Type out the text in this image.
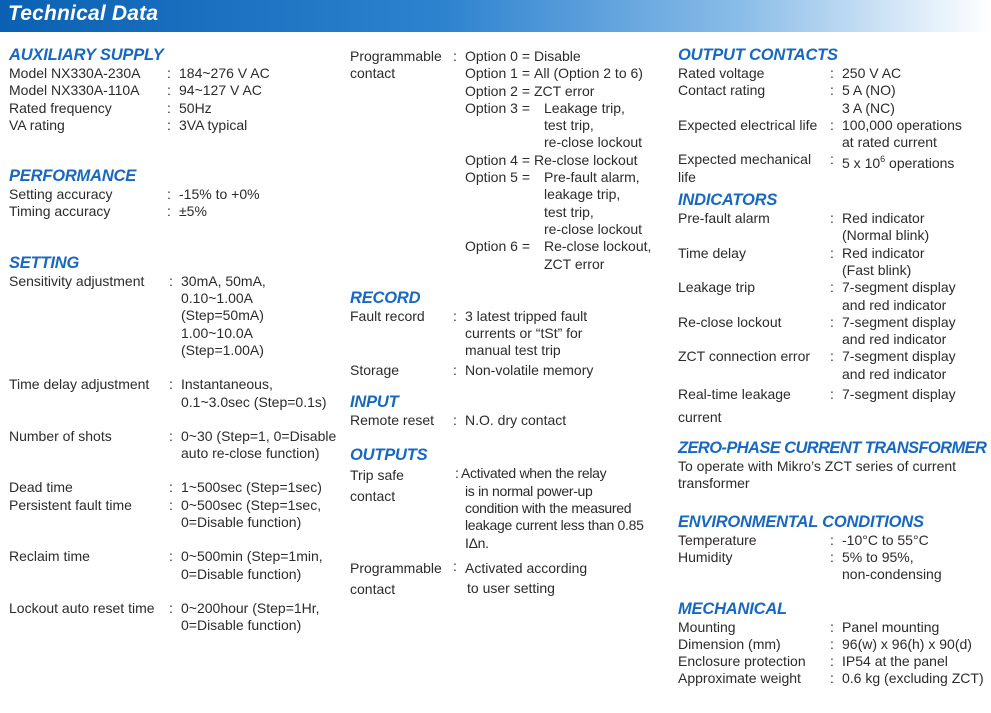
Technical Data
AUXILIARY SUPPLY
Model NX330A-230A	: 184~276 V AC
Model NX330A-110A	: 94~127 V AC
Rated frequency	: 50Hz
VA rating	: 3VA typical
PERFORMANCE
Setting accuracy	: -15% to +0%
Timing accuracy	: ±5%
SETTING
Sensitivity adjustment	: 30mA, 50mA,
0.10~1.00A
(Step=50mA)
1.00~10.0A
(Step=1.00A)
Time delay adjustment	: Instantaneous,
0.1~3.0sec (Step=0.1s)
Number of shots	: 0~30 (Step=1, 0=Disable
auto re-close function)
Dead time	: 1~500sec (Step=1sec)
Persistent fault time	: 0~500sec (Step=1sec,
0=Disable function)
Reclaim time	: 0~500min (Step=1min,
0=Disable function)
Lockout auto reset time	: 0~200hour (Step=1Hr,
0=Disable function)
Programmable
contact
: Option 0 = Disable
Option 1 = All (Option 2 to 6)
Option 2 = ZCT error
Option 3 =	Leakage trip,
test trip,
re-close lockout
Option 4 = Re-close lockout
Option 5 =	Pre-fault alarm,
leakage trip,
test trip,
re-close lockout
Option 6 =	Re-close lockout,
ZCT error
RECORD
Fault record	: 3 latest tripped fault
currents or “tSt” for
manual test trip
Storage	: Non-volatile memory
INPUT
Remote reset	: N.O. dry contact
OUTPUTS
Trip safe
contact
: Activated when the relay
is in normal power-up
condition with the measured
leakage current less than 0.85
IΔn.
Programmable
contact
: Activated according
to user setting
OUTPUT CONTACTS
Rated voltage	: 250 V AC
Contact rating	: 5 A (NO)
3 A (NC)
Expected electrical life : 100,000 operations
at rated current
Expected mechanical
life
: 5 x $10^6$ operations
INDICATORS
Pre-fault alarm	: Red indicator
(Normal blink)
Time delay	: Red indicator
(Fast blink)
Leakage trip	: 7-segment display
and red indicator
Re-close lockout	: 7-segment display
and red indicator
ZCT connection error	: 7-segment display
and red indicator
Real-time leakage
current
: 7-segment display
ZERO-PHASE CURRENT TRANSFORMER
To operate with Mikro’s ZCT series of current
transformer
ENVIRONMENTAL CONDITIONS
Temperature	: -10°C to 55°C
Humidity	: 5% to 95%,
non-condensing
MECHANICAL
Mounting	: Panel mounting
Dimension (mm)	: 96(w) x 96(h) x 90(d)
Enclosure protection	: IP54 at the panel
Approximate weight	: 0.6 kg (excluding ZCT)
